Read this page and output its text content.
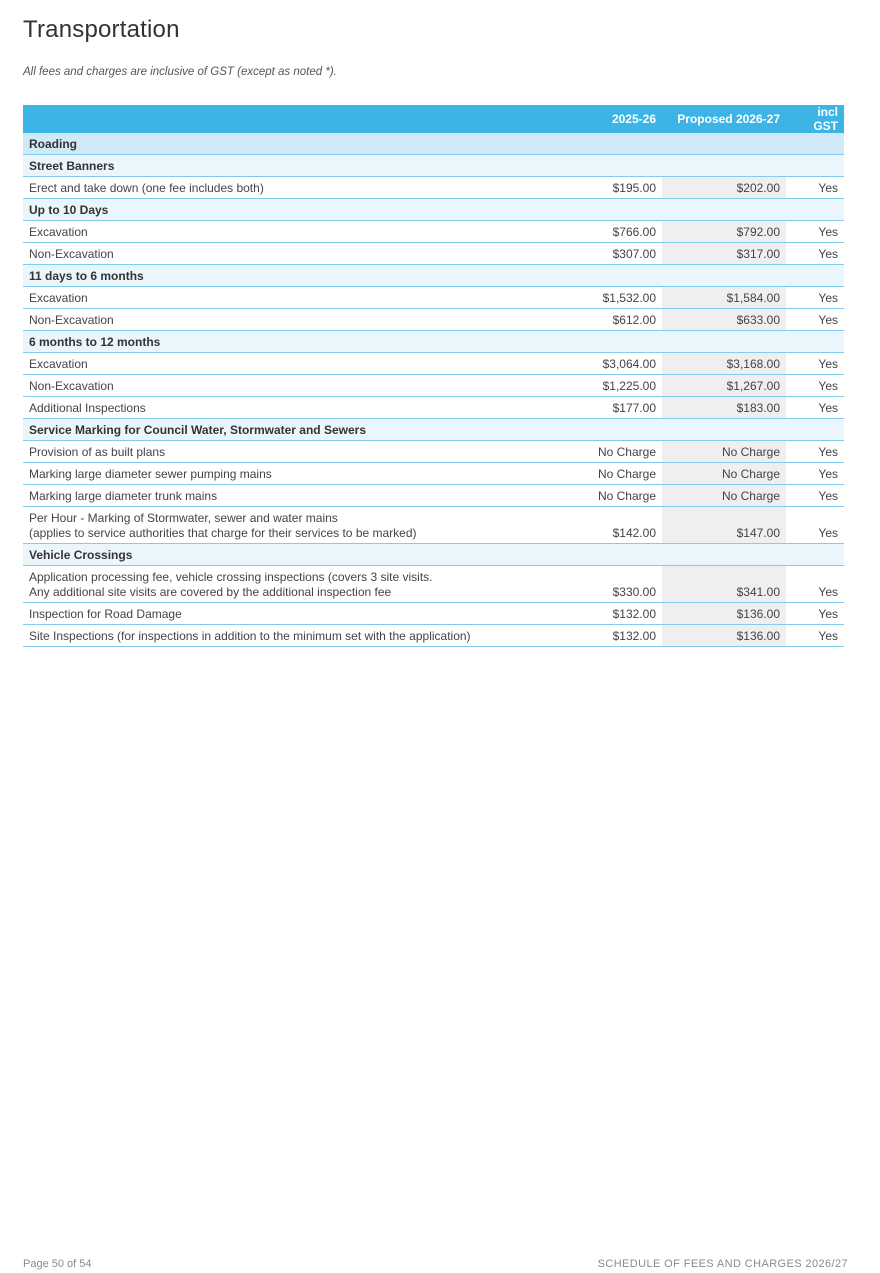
Transportation

All fees and charges are inclusive of GST (except as noted *).

	2025-26	Proposed 2026-27	incl GST
Roading			
Street Banners			

Erect and take down (one fee includes both)	$195.00	$202.00	Yes
Up to 10 Days			

Excavation	$766.00	$792.00	Yes

Non-Excavation	$307.00	$317.00	Yes
11 days to 6 months			

Excavation	$1,532.00	$1,584.00	Yes

Non-Excavation	$612.00	$633.00	Yes
6 months to 12 months			

Excavation	$3,064.00	$3,168.00	Yes

Non-Excavation	$1,225.00	$1,267.00	Yes

Additional Inspections	$177.00	$183.00	Yes
Service Marking for Council Water, Stormwater and Sewers			

Provision of as built plans	No Charge	No Charge	Yes

Marking large diameter sewer pumping mains	No Charge	No Charge	Yes

Marking large diameter trunk mains	No Charge	No Charge	Yes

Per Hour - Marking of Stormwater, sewer and water mains
(applies to service authorities that charge for their services to be marked)	$142.00	$147.00	Yes
Vehicle Crossings			

Application processing fee, vehicle crossing inspections (covers 3 site visits.
Any additional site visits are covered by the additional inspection fee	$330.00	$341.00	Yes

Inspection for Road Damage	$132.00	$136.00	Yes

Site Inspections (for inspections in addition to the minimum set with the application)	$132.00	$136.00	Yes
Page 50 of 54	SCHEDULE OF FEES AND CHARGES 2026/27
